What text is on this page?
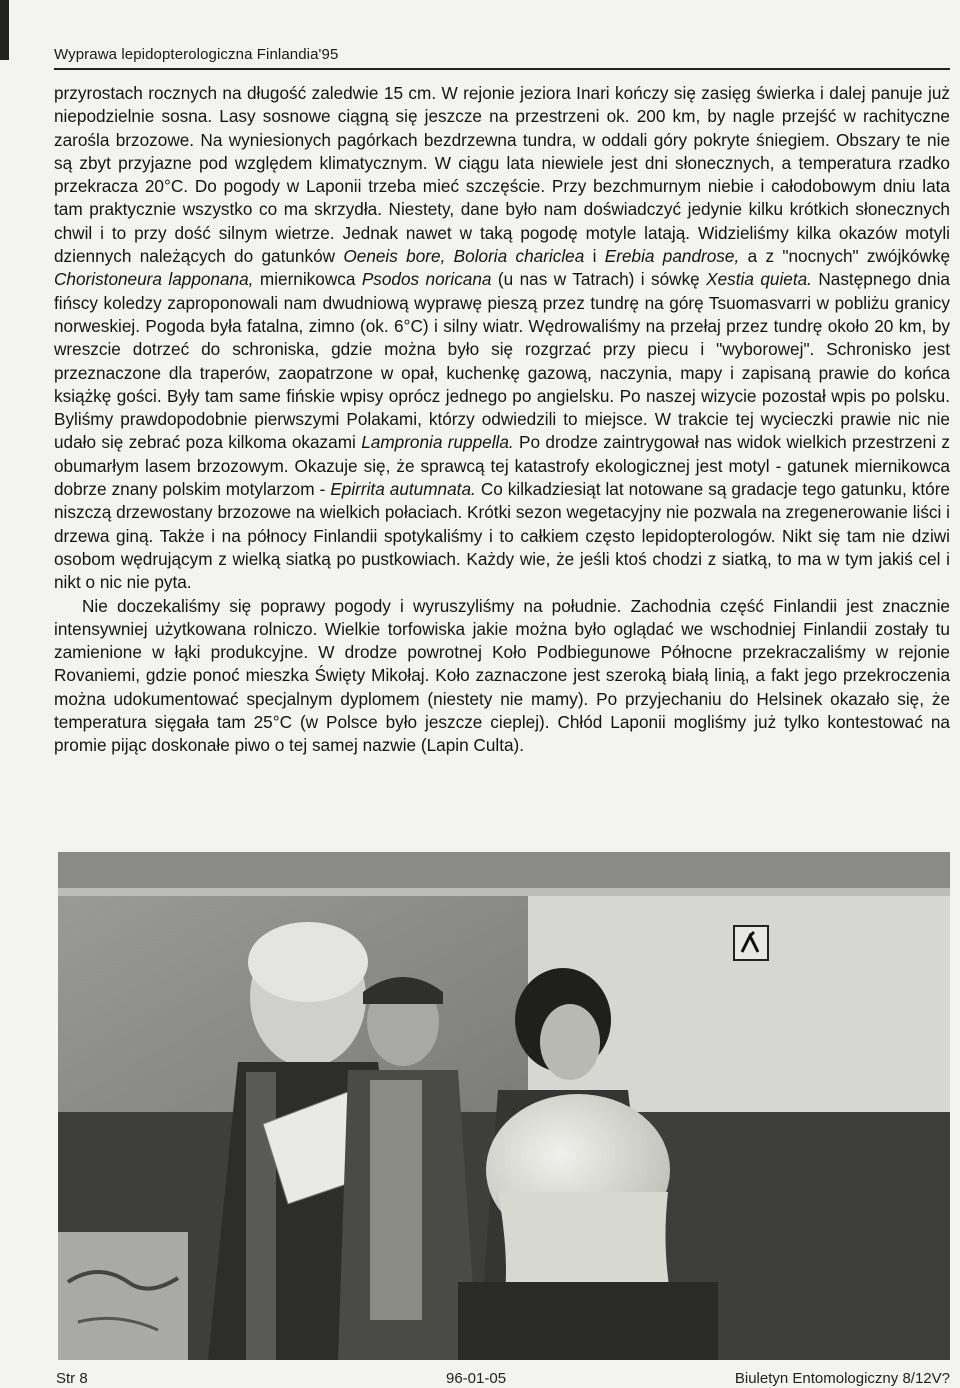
Wyprawa lepidopterologiczna Finlandia'95

przyrostach rocznych na długość zaledwie 15 cm. W rejonie jeziora Inari kończy się zasięg świerka i dalej panuje już niepodzielnie sosna. Lasy sosnowe ciągną się jeszcze na przestrzeni ok. 200 km, by nagle przejść w rachityczne zarośla brzozowe. Na wyniesionych pagórkach bezdrzewna tundra, w oddali góry pokryte śniegiem. Obszary te nie są zbyt przyjazne pod względem klimatycznym. W ciągu lata niewiele jest dni słonecznych, a temperatura rzadko przekracza 20°C. Do pogody w Laponii trzeba mieć szczęście. Przy bezchmurnym niebie i całodobowym dniu lata tam praktycznie wszystko co ma skrzydła. Niestety, dane było nam doświadczyć jedynie kilku krótkich słonecznych chwil i to przy dość silnym wietrze. Jednak nawet w taką pogodę motyle latają. Widzieliśmy kilka okazów motyli dziennych należących do gatunków Oeneis bore, Boloria chariclea i Erebia pandrose, a z "nocnych" zwójkówkę Choristoneura lapponana, miernikowca Psodos noricana (u nas w Tatrach) i sówkę Xestia quieta. Następnego dnia fińscy koledzy zaproponowali nam dwudniową wyprawę pieszą przez tundrę na górę Tsuomasvarri w pobliżu granicy norweskiej. Pogoda była fatalna, zimno (ok. 6°C) i silny wiatr. Wędrowaliśmy na przełaj przez tundrę około 20 km, by wreszcie dotrzeć do schroniska, gdzie można było się rozgrzać przy piecu i "wyborowej". Schronisko jest przeznaczone dla traperów, zaopatrzone w opał, kuchenkę gazową, naczynia, mapy i zapisaną prawie do końca książkę gości. Były tam same fińskie wpisy oprócz jednego po angielsku. Po naszej wizycie pozostał wpis po polsku. Byliśmy prawdopodobnie pierwszymi Polakami, którzy odwiedzili to miejsce. W trakcie tej wycieczki prawie nic nie udało się zebrać poza kilkoma okazami Lampronia ruppella. Po drodze zaintrygował nas widok wielkich przestrzeni z obumarłym lasem brzozowym. Okazuje się, że sprawcą tej katastrofy ekologicznej jest motyl - gatunek miernikowca dobrze znany polskim motylarzom - Epirrita autumnata. Co kilkadziesiąt lat notowane są gradacje tego gatunku, które niszczą drzewostany brzozowe na wielkich połaciach. Krótki sezon wegetacyjny nie pozwala na zregenerowanie liści i drzewa giną. Także i na północy Finlandii spotykaliśmy i to całkiem często lepidopterologów. Nikt się tam nie dziwi osobom wędrującym z wielką siatką po pustkowiach. Każdy wie, że jeśli ktoś chodzi z siatką, to ma w tym jakiś cel i nikt o nic nie pyta.

Nie doczekaliśmy się poprawy pogody i wyruszyliśmy na południe. Zachodnia część Finlandii jest znacznie intensywniej użytkowana rolniczo. Wielkie torfowiska jakie można było oglądać we wschodniej Finlandii zostały tu zamienione w łąki produkcyjne. W drodze powrotnej Koło Podbiegunowe Północne przekraczaliśmy w rejonie Rovaniemi, gdzie ponoć mieszka Święty Mikołaj. Koło zaznaczone jest szeroką białą linią, a fakt jego przekroczenia można udokumentować specjalnym dyplomem (niestety nie mamy). Po przyjechaniu do Helsinek okazało się, że temperatura sięgała tam 25°C (w Polsce było jeszcze cieplej). Chłód Laponii mogliśmy już tylko kontestować na promie pijąc doskonałe piwo o tej samej nazwie (Lapin Culta).

Str 8	96-01-05	Biuletyn Entomologiczny 8/12V?
